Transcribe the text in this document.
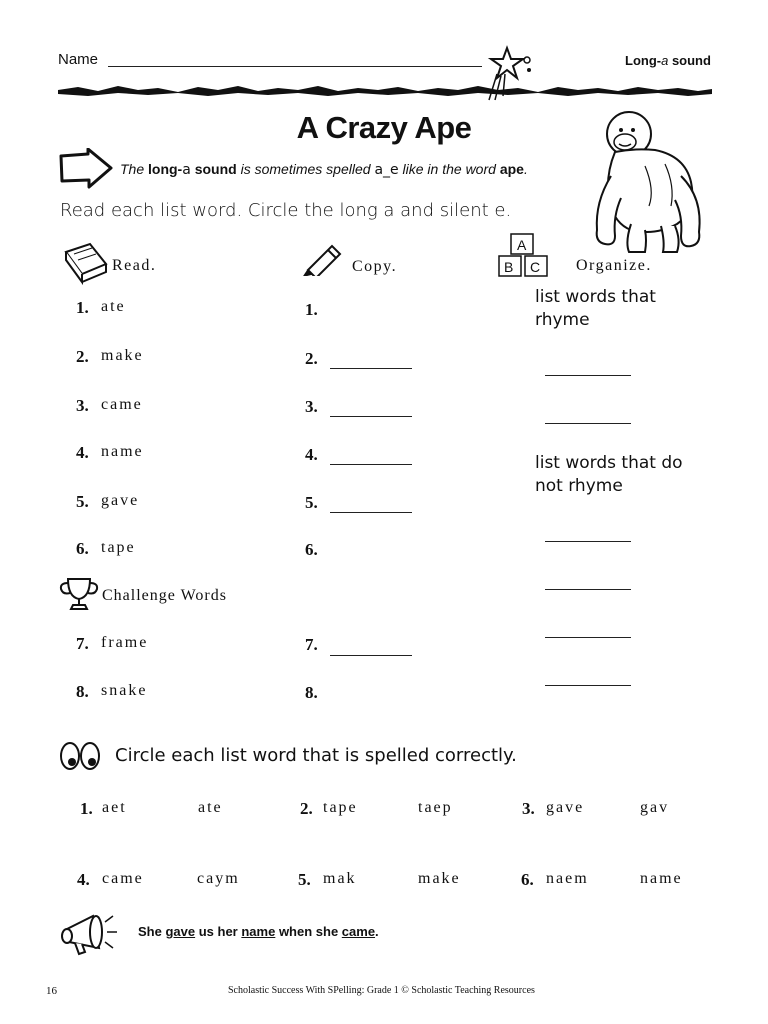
Name	Long-a sound
A Crazy Ape
The long-a sound is sometimes spelled a_e like in the word ape.
Read each list word. Circle the long a and silent e.
Read.	Copy.
A
B C Organize.
1. ate
2. make
3. came
4. name
5. gave
6. tape
1.
2.
3.
4.
5.
6.
list words that rhyme
list words that do not rhyme
Challenge Words
7. frame
8. snake
7.
8.
Circle each list word that is spelled correctly.
1. aet	ate	2. tape	taep	3. gave	gav
4. came	caym	5. mak	make	6. naem	name
She gave us her name when she came.
16	Scholastic Success With SPelling: Grade 1 © Scholastic Teaching Resources
